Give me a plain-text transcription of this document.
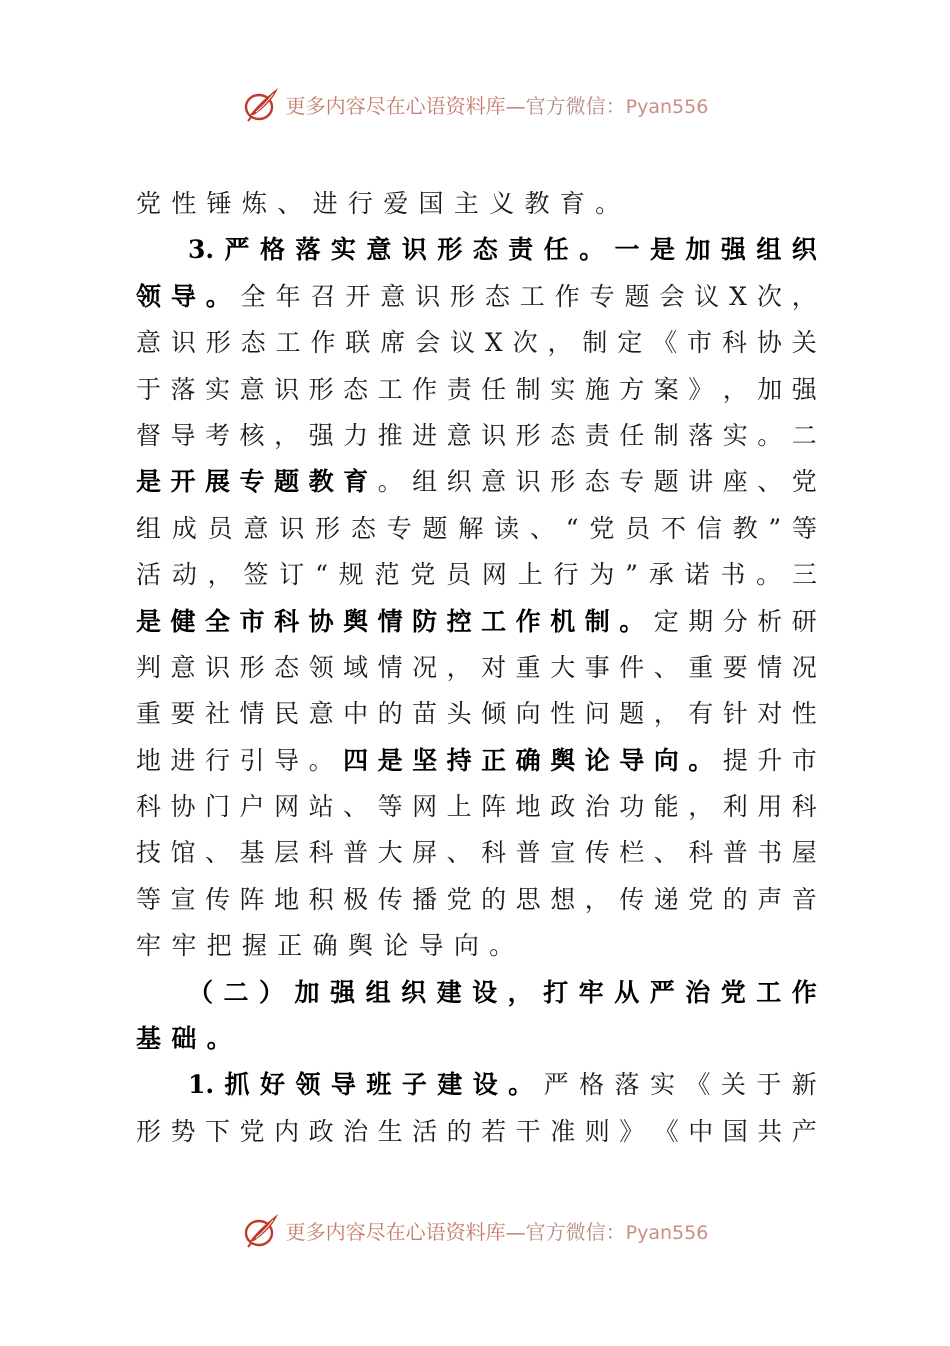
更多内容尽在心语资料库—官方微信：Pyan556
党 性 锤 炼 、 进 行 爱 国 主 义 教 育 。
3. 严 格 落 实 意 识 形 态 责 任 。 一 是 加 强 组 织
领 导 。 全 年 召 开 意 识 形 态 工 作 专 题 会 议 X 次 ，
意 识 形 态 工 作 联 席 会 议 X 次 ， 制 定 《 市 科 协 关
于 落 实 意 识 形 态 工 作 责 任 制 实 施 方 案 》 ， 加 强
督 导 考 核 ， 强 力 推 进 意 识 形 态 责 任 制 落 实 。 二
是 开 展 专 题 教 育 。 组 织 意 识 形 态 专 题 讲 座 、 党
组 成 员 意 识 形 态 专 题 解 读 、 “ 党 员 不 信 教 ” 等
活 动 ， 签 订 “ 规 范 党 员 网 上 行 为 ” 承 诺 书 。 三
是 健 全 市 科 协 舆 情 防 控 工 作 机 制 。 定 期 分 析 研
判 意 识 形 态 领 域 情 况 ， 对 重 大 事 件 、 重 要 情 况
重 要 社 情 民 意 中 的 苗 头 倾 向 性 问 题 ， 有 针 对 性
地 进 行 引 导 。 四 是 坚 持 正 确 舆 论 导 向 。 提 升 市
科 协 门 户 网 站 、 等 网 上 阵 地 政 治 功 能 ， 利 用 科
技 馆 、 基 层 科 普 大 屏 、 科 普 宣 传 栏 、 科 普 书 屋
等 宣 传 阵 地 积 极 传 播 党 的 思 想 ， 传 递 党 的 声 音
牢 牢 把 握 正 确 舆 论 导 向 。
（ 二 ） 加 强 组 织 建 设 ， 打 牢 从 严 治 党 工 作
基 础 。
1. 抓 好 领 导 班 子 建 设 。 严 格 落 实 《 关 于 新
形 势 下 党 内 政 治 生 活 的 若 干 准 则 》 《 中 国 共 产
更多内容尽在心语资料库—官方微信：Pyan556
